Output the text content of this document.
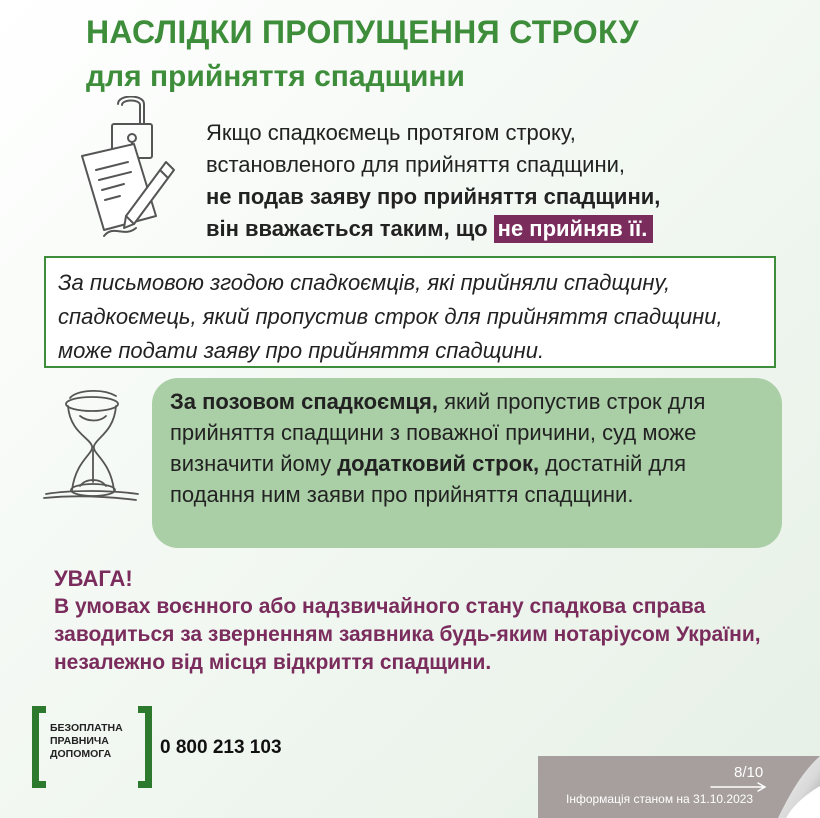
НАСЛІДКИ ПРОПУЩЕННЯ СТРОКУ
для прийняття спадщини
Якщо спадкоємець протягом строку,
встановленого для прийняття спадщини,
не подав заяву про прийняття спадщини,
він вважається таким, що не прийняв її.
За письмовою згодою спадкоємців, які прийняли спадщину, спадкоємець, який пропустив строк для прийняття спадщини, може подати заяву про прийняття спадщини.
За позовом спадкоємця, який пропустив строк для прийняття спадщини з поважної причини, суд може визначити йому додатковий строк, достатній для подання ним заяви про прийняття спадщини.
УВАГА!
В умовах воєнного або надзвичайного стану спадкова справа заводиться за зверненням заявника будь-яким нотаріусом України, незалежно від місця відкриття спадщини.
БЕЗОПЛАТНА
ПРАВНИЧА
ДОПОМОГА	0 800 213 103
8/10
Інформація станом на 31.10.2023
